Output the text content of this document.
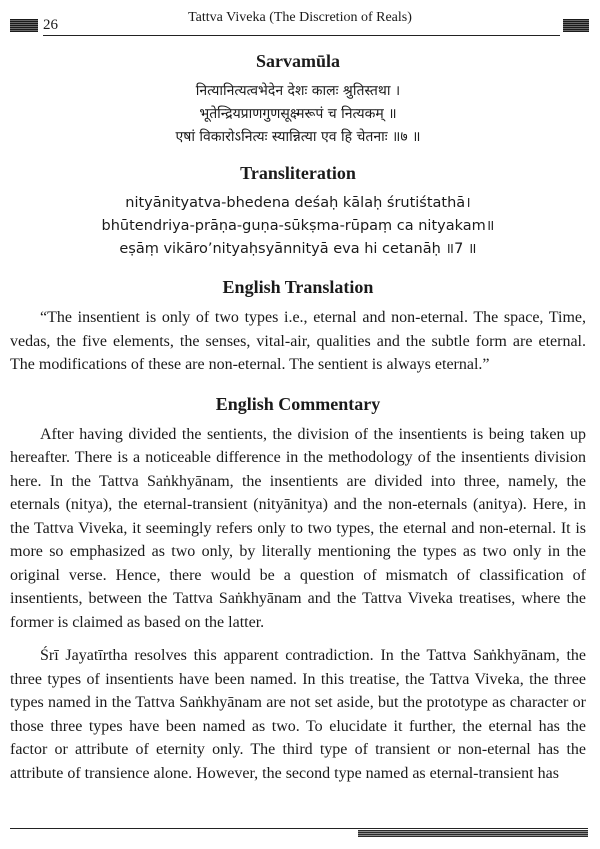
26	Tattva Viveka (The Discretion of Reals)
Sarvamūla
नित्यानित्यत्वभेदेन देशः कालः श्रुतिस्तथा ।
भूतेन्द्रियप्राणगुणसूक्ष्मरूपं च नित्यकम् ॥
एषां विकारोऽनित्यः स्यान्नित्या एव हि चेतनाः ॥७ ॥
Transliteration
nityānityatva-bhedena deśaḥ kālaḥ śrutiśtathā।
bhūtendriya-prāṇa-guṇa-sūkṣma-rūpaṃ ca nityakam॥
eṣāṃ vikāro’nityaḥsyānnityā eva hi cetanāḥ ॥7 ॥
English Translation

“The insentient is only of two types i.e., eternal and non-eternal. The space, Time, vedas, the five elements, the senses, vital-air, qualities and the subtle form are eternal. The modifications of these are non-eternal. The sentient is always eternal.”

English Commentary

After having divided the sentients, the division of the insentients is being taken up hereafter. There is a noticeable difference in the methodology of the insentients division here. In the Tattva Saṅkhyānam, the insentients are divided into three, namely, the eternals (nitya), the eternal-transient (nityānitya) and the non-eternals (anitya). Here, in the Tattva Viveka, it seemingly refers only to two types, the eternal and non-eternal. It is more so emphasized as two only, by literally mentioning the types as two only in the original verse. Hence, there would be a question of mismatch of classification of insentients, between the Tattva Saṅkhyānam and the Tattva Viveka treatises, where the former is claimed as based on the latter.

Śrī Jayatīrtha resolves this apparent contradiction. In the Tattva Saṅkhyānam, the three types of insentients have been named. In this treatise, the Tattva Viveka, the three types named in the Tattva Saṅkhyānam are not set aside, but the prototype as character or those three types have been named as two. To elucidate it further, the eternal has the factor or attribute of eternity only. The third type of transient or non-eternal has the attribute of transience alone. However, the second type named as eternal-transient has
